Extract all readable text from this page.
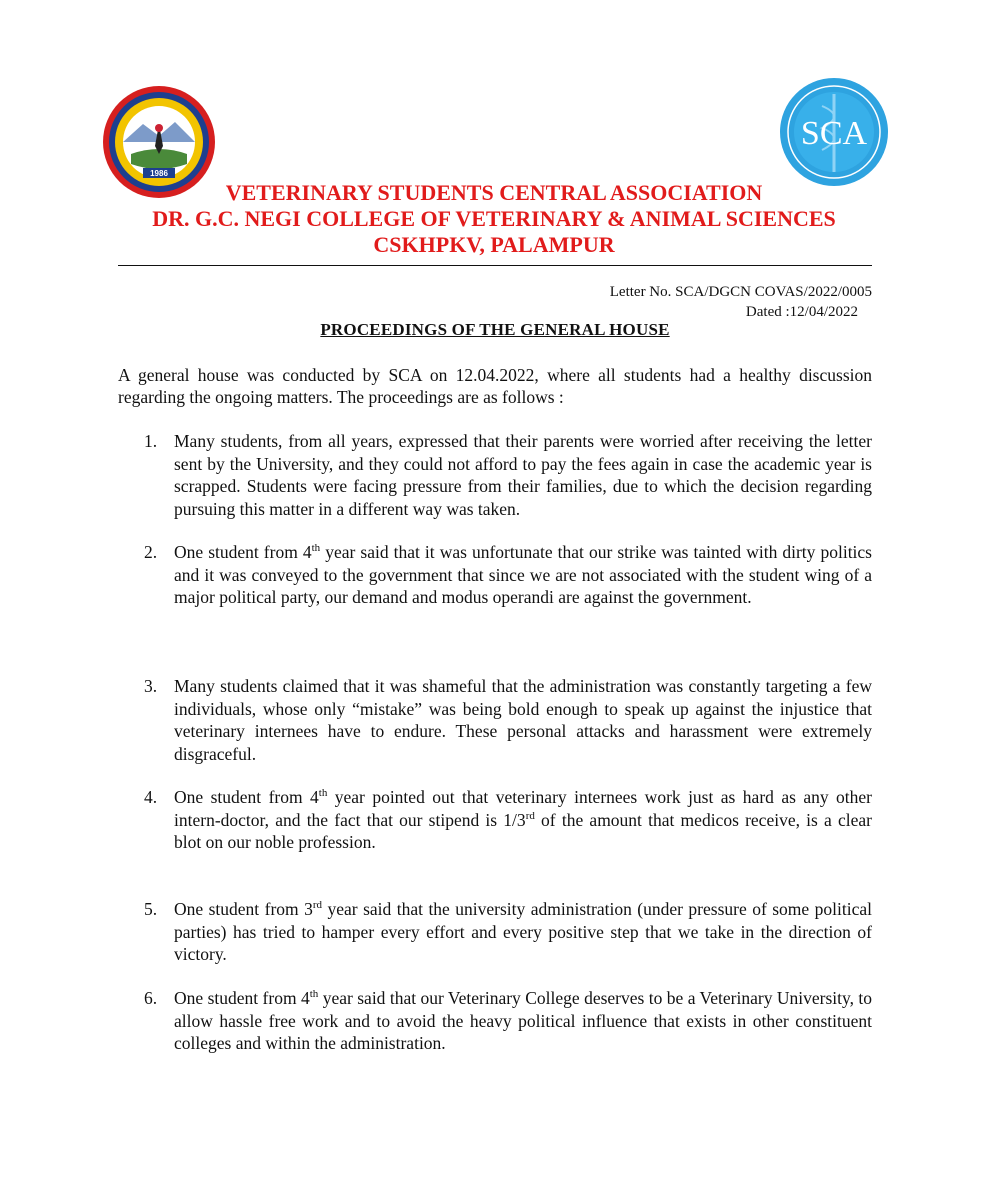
1986
SCA
VETERINARY STUDENTS CENTRAL ASSOCIATION
DR. G.C. NEGI COLLEGE OF VETERINARY & ANIMAL SCIENCES
CSKHPKV, PALAMPUR
Letter No. SCA/DGCN COVAS/2022/0005
Dated :12/04/2022
PROCEEDINGS OF THE GENERAL HOUSE
A general house was conducted by SCA on 12.04.2022, where all students had a healthy discussion regarding the ongoing matters. The proceedings are as follows :
1. Many students, from all years, expressed that their parents were worried after receiving the letter sent by the University, and they could not afford to pay the fees again in case the academic year is scrapped. Students were facing pressure from their families, due to which the decision regarding pursuing this matter in a different way was taken.
2. One student from 4th year said that it was unfortunate that our strike was tainted with dirty politics and it was conveyed to the government that since we are not associated with the student wing of a major political party, our demand and modus operandi are against the government.
3. Many students claimed that it was shameful that the administration was constantly targeting a few individuals, whose only “mistake” was being bold enough to speak up against the injustice that veterinary internees have to endure. These personal attacks and harassment were extremely disgraceful.
4. One student from 4th year pointed out that veterinary internees work just as hard as any other intern-doctor, and the fact that our stipend is 1/3rd of the amount that medicos receive, is a clear blot on our noble profession.
5. One student from 3rd year said that the university administration (under pressure of some political parties) has tried to hamper every effort and every positive step that we take in the direction of victory.
6. One student from 4th year said that our Veterinary College deserves to be a Veterinary University, to allow hassle free work and to avoid the heavy political influence that exists in other constituent colleges and within the administration.
